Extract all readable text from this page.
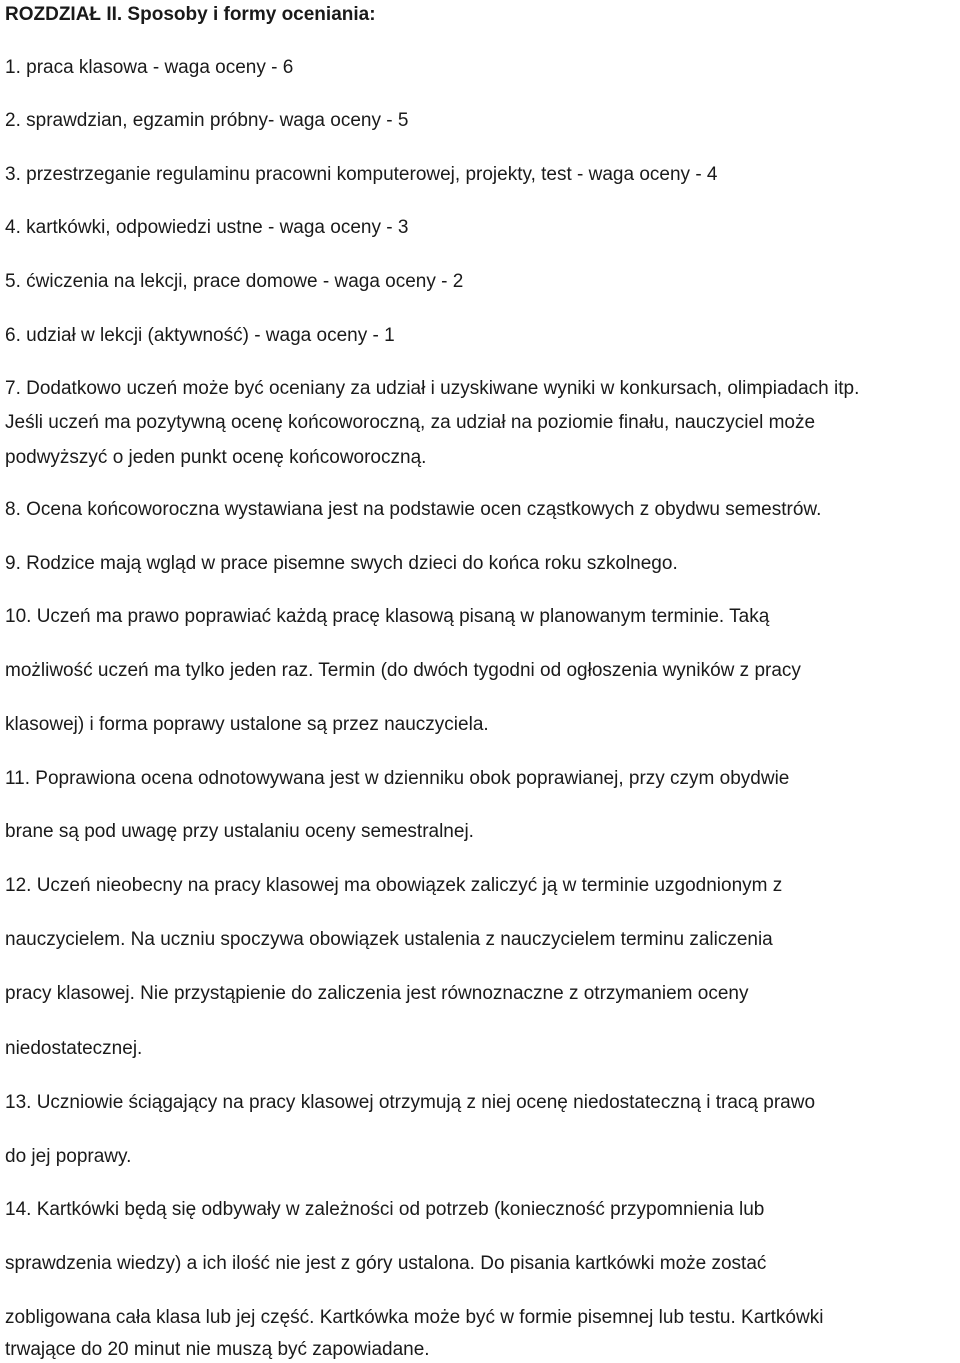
ROZDZIAŁ II. Sposoby i formy oceniania:
1. praca klasowa - waga oceny - 6
2. sprawdzian, egzamin próbny- waga oceny - 5
3. przestrzeganie regulaminu pracowni komputerowej, projekty, test - waga oceny - 4
4. kartkówki, odpowiedzi ustne - waga oceny - 3
5. ćwiczenia na lekcji, prace domowe - waga oceny - 2
6. udział w lekcji (aktywność) - waga oceny - 1
7. Dodatkowo uczeń może być oceniany za udział i uzyskiwane wyniki w konkursach, olimpiadach itp.
Jeśli uczeń ma pozytywną ocenę końcoworoczną, za udział na poziomie finału, nauczyciel może
podwyższyć o jeden punkt ocenę końcoworoczną.
8. Ocena końcoworoczna wystawiana jest na podstawie ocen cząstkowych z obydwu semestrów.
9. Rodzice mają wgląd w prace pisemne swych dzieci do końca roku szkolnego.
10. Uczeń ma prawo poprawiać każdą pracę klasową pisaną w planowanym terminie. Taką
możliwość uczeń ma tylko jeden raz. Termin (do dwóch tygodni od ogłoszenia wyników z pracy
klasowej) i forma poprawy ustalone są przez nauczyciela.
11. Poprawiona ocena odnotowywana jest w dzienniku obok poprawianej, przy czym obydwie
brane są pod uwagę przy ustalaniu oceny semestralnej.
12. Uczeń nieobecny na pracy klasowej ma obowiązek zaliczyć ją w terminie uzgodnionym z
nauczycielem. Na uczniu spoczywa obowiązek ustalenia z nauczycielem terminu zaliczenia
pracy klasowej. Nie przystąpienie do zaliczenia jest równoznaczne z otrzymaniem oceny
niedostatecznej.
13. Uczniowie ściągający na pracy klasowej otrzymują z niej ocenę niedostateczną i tracą prawo
do jej poprawy.
14. Kartkówki będą się odbywały w zależności od potrzeb (konieczność przypomnienia lub
sprawdzenia wiedzy) a ich ilość nie jest z góry ustalona. Do pisania kartkówki może zostać
zobligowana cała klasa lub jej część. Kartkówka może być w formie pisemnej lub testu. Kartkówki
trwające do 20 minut nie muszą być zapowiadane.
